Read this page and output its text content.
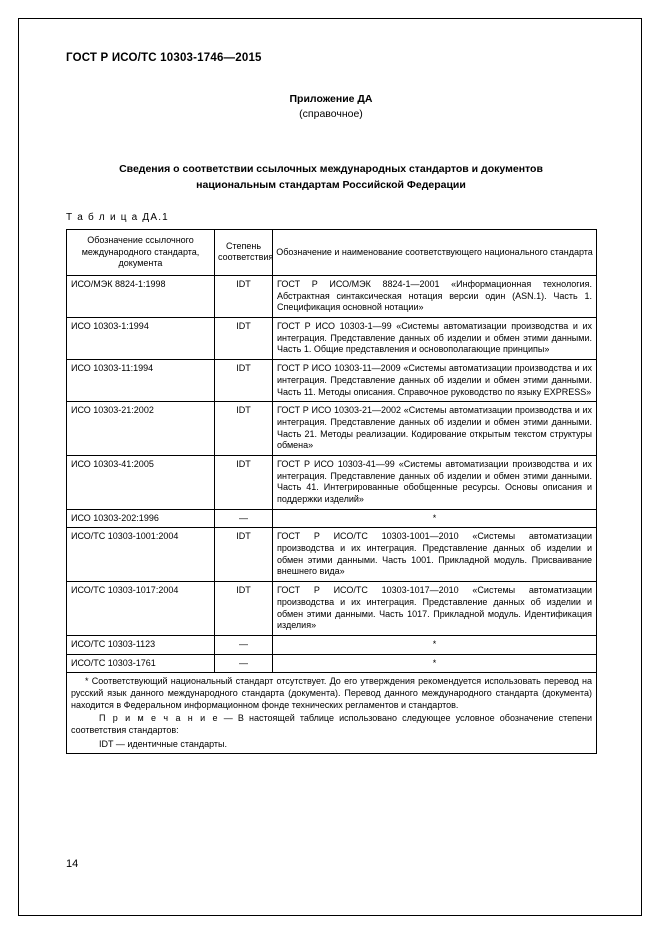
ГОСТ Р ИСО/ТС 10303-1746—2015
Приложение ДА
(справочное)
Сведения о соответствии ссылочных международных стандартов и документов
национальным стандартам Российской Федерации
Т а б л и ц а ДА.1
Обозначение ссылочного международного стандарта, документа	Степень соответствия	Обозначение и наименование соответствующего национального стандарта
ИСО/МЭК 8824-1:1998	IDT	ГОСТ Р ИСО/МЭК 8824-1—2001 «Информационная технология. Абстрактная синтаксическая нотация версии один (ASN.1). Часть 1. Спецификация основной нотации»
ИСО 10303-1:1994	IDT	ГОСТ Р ИСО 10303-1—99 «Системы автоматизации производства и их интеграция. Представление данных об изделии и обмен этими данными. Часть 1. Общие представления и основополагающие принципы»
ИСО 10303-11:1994	IDT	ГОСТ Р ИСО 10303-11—2009 «Системы автоматизации производства и их интеграция. Представление данных об изделии и обмен этими данными. Часть 11. Методы описания. Справочное руководство по языку EXPRESS»
ИСО 10303-21:2002	IDT	ГОСТ Р ИСО 10303-21—2002 «Системы автоматизации производства и их интеграция. Представление данных об изделии и обмен этими данными. Часть 21. Методы реализации. Кодирование открытым текстом структуры обмена»
ИСО 10303-41:2005	IDT	ГОСТ Р ИСО 10303-41—99 «Системы автоматизации производства и их интеграция. Представление данных об изделии и обмен этими данными. Часть 41. Интегрированные обобщенные ресурсы. Основы описания и поддержки изделий»
ИСО 10303-202:1996	—	*
ИСО/ТС 10303-1001:2004	IDT	ГОСТ Р ИСО/ТС 10303-1001—2010 «Системы автоматизации производства и их интеграция. Представление данных об изделии и обмен этими данными. Часть 1001. Прикладной модуль. Присваивание внешнего вида»
ИСО/ТС 10303-1017:2004	IDT	ГОСТ Р ИСО/ТС 10303-1017—2010 «Системы автоматизации производства и их интеграция. Представление данных об изделии и обмен этими данными. Часть 1017. Прикладной модуль. Идентификация изделия»
ИСО/ТС 10303-1123	—	*
ИСО/ТС 10303-1761	—	*

* Соответствующий национальный стандарт отсутствует. До его утверждения рекомендуется использовать перевод на русский язык данного международного стандарта (документа). Перевод данного международного стандарта (документа) находится в Федеральном информационном фонде технических регламентов и стандартов.
П р и м е ч а н и е — В настоящей таблице использовано следующее условное обозначение степени соответствия стандартов:
IDT — идентичные стандарты.		
14
